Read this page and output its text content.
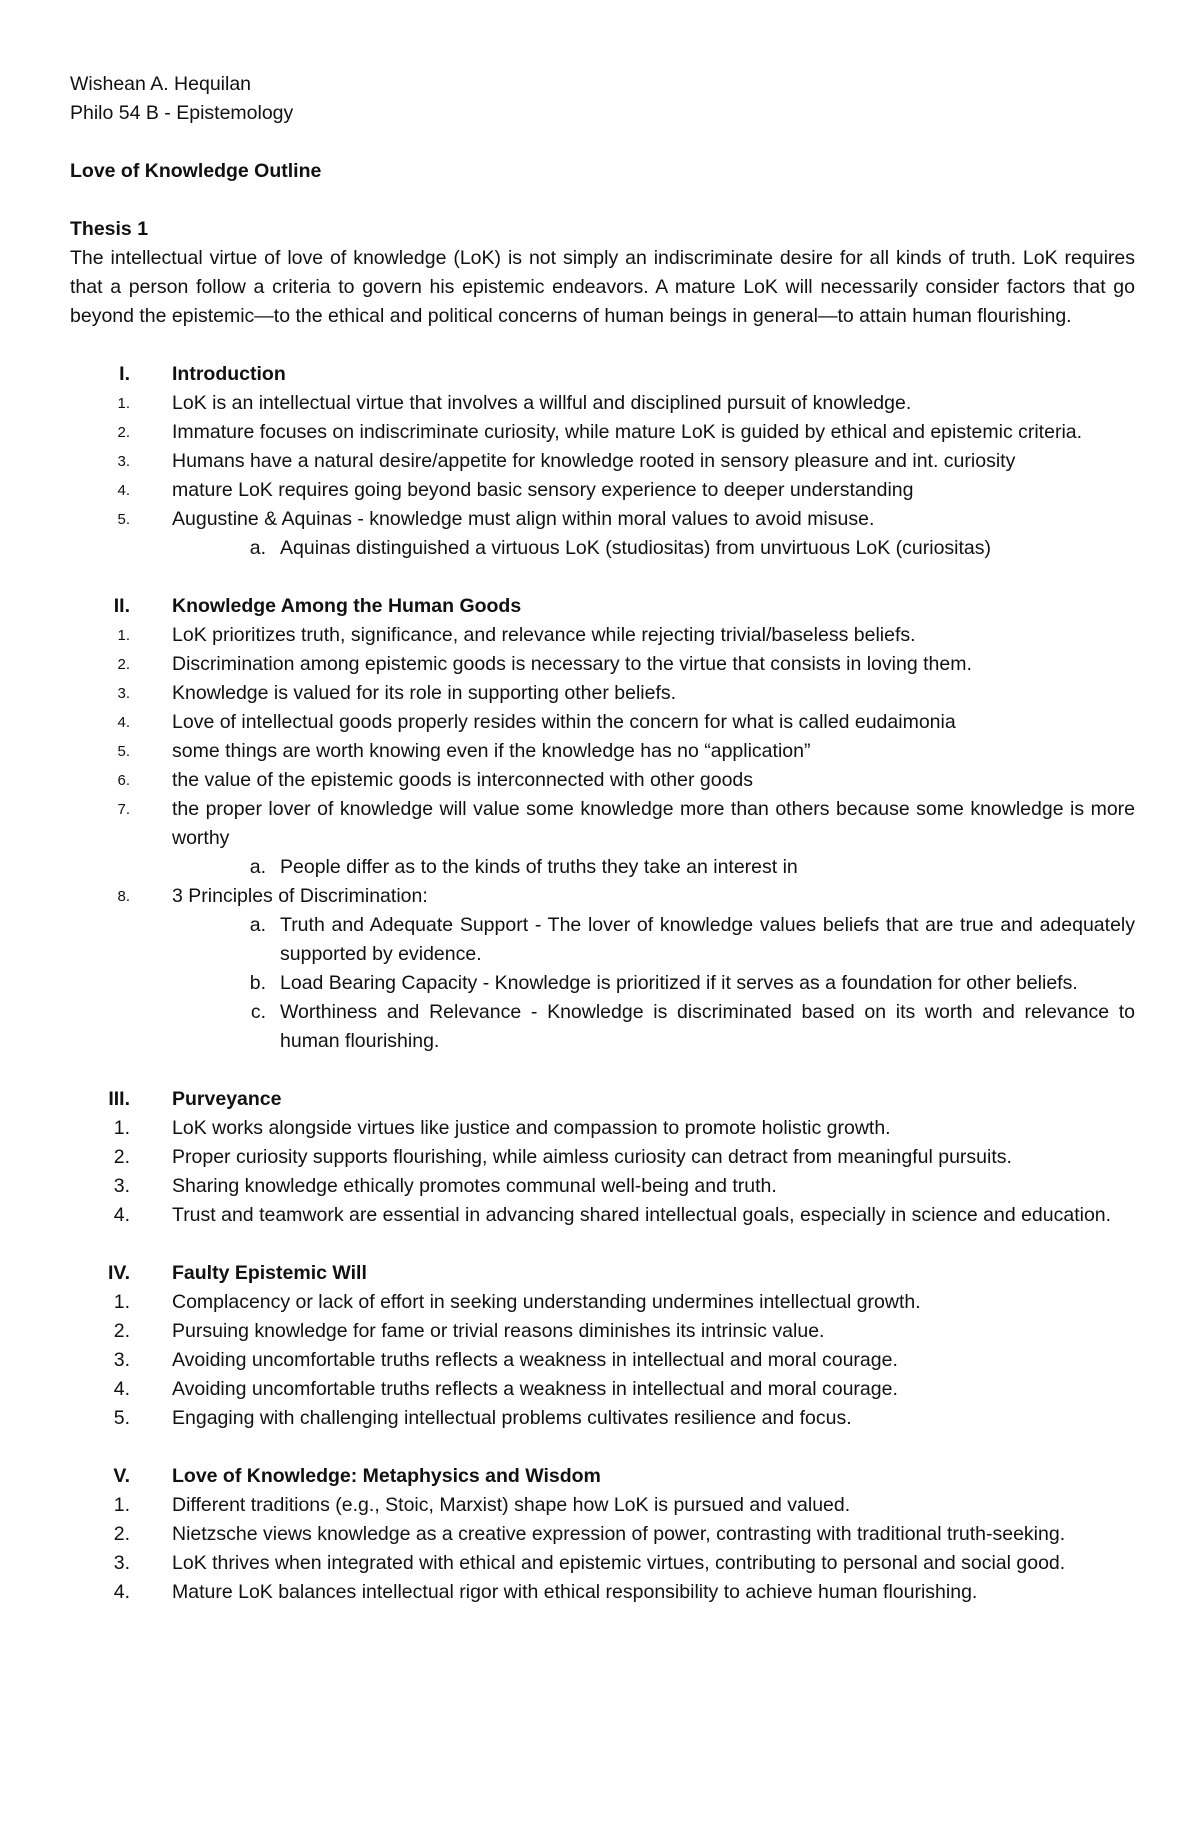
Wishean A. Hequilan

Philo 54 B - Epistemology

Love of Knowledge Outline

Thesis 1

The intellectual virtue of love of knowledge (LoK) is not simply an indiscriminate desire for all kinds of truth. LoK requires that a person follow a criteria to govern his epistemic endeavors. A mature LoK will necessarily consider factors that go beyond the epistemic—to the ethical and political concerns of human beings in general—to attain human flourishing.

I.	Introduction
1.	LoK is an intellectual virtue that involves a willful and disciplined pursuit of knowledge.
2.	Immature focuses on indiscriminate curiosity, while mature LoK is guided by ethical and epistemic criteria.
3.	Humans have a natural desire/appetite for knowledge rooted in sensory pleasure and int. curiosity
4.	mature LoK requires going beyond basic sensory experience to deeper understanding
5.	Augustine & Aquinas - knowledge must align within moral values to avoid misuse.
a. Aquinas distinguished a virtuous LoK (studiositas) from unvirtuous LoK (curiositas)
II.	Knowledge Among the Human Goods
1.	LoK prioritizes truth, significance, and relevance while rejecting trivial/baseless beliefs.
2.	Discrimination among epistemic goods is necessary to the virtue that consists in loving them.
3.	Knowledge is valued for its role in supporting other beliefs.
4.	Love of intellectual goods properly resides within the concern for what is called eudaimonia
5.	some things are worth knowing even if the knowledge has no “application”
6.	the value of the epistemic goods is interconnected with other goods
7.	the proper lover of knowledge will value some knowledge more than others because some knowledge is more worthy
a. People differ as to the kinds of truths they take an interest in
8.	3 Principles of Discrimination:
a. Truth and Adequate Support - The lover of knowledge values beliefs that are true and adequately supported by evidence.
b. Load Bearing Capacity - Knowledge is prioritized if it serves as a foundation for other beliefs.
c. Worthiness and Relevance - Knowledge is discriminated based on its worth and relevance to human flourishing.
III.	Purveyance
1.	LoK works alongside virtues like justice and compassion to promote holistic growth.
2.	Proper curiosity supports flourishing, while aimless curiosity can detract from meaningful pursuits.
3.	Sharing knowledge ethically promotes communal well-being and truth.
4.	Trust and teamwork are essential in advancing shared intellectual goals, especially in science and education.
IV.	Faulty Epistemic Will
1.	Complacency or lack of effort in seeking understanding undermines intellectual growth.
2.	Pursuing knowledge for fame or trivial reasons diminishes its intrinsic value.
3.	Avoiding uncomfortable truths reflects a weakness in intellectual and moral courage.
4.	Avoiding uncomfortable truths reflects a weakness in intellectual and moral courage.
5.	Engaging with challenging intellectual problems cultivates resilience and focus.
V.	Love of Knowledge: Metaphysics and Wisdom
1.	Different traditions (e.g., Stoic, Marxist) shape how LoK is pursued and valued.
2.	Nietzsche views knowledge as a creative expression of power, contrasting with traditional truth-seeking.
3.	LoK thrives when integrated with ethical and epistemic virtues, contributing to personal and social good.
4.	Mature LoK balances intellectual rigor with ethical responsibility to achieve human flourishing.
